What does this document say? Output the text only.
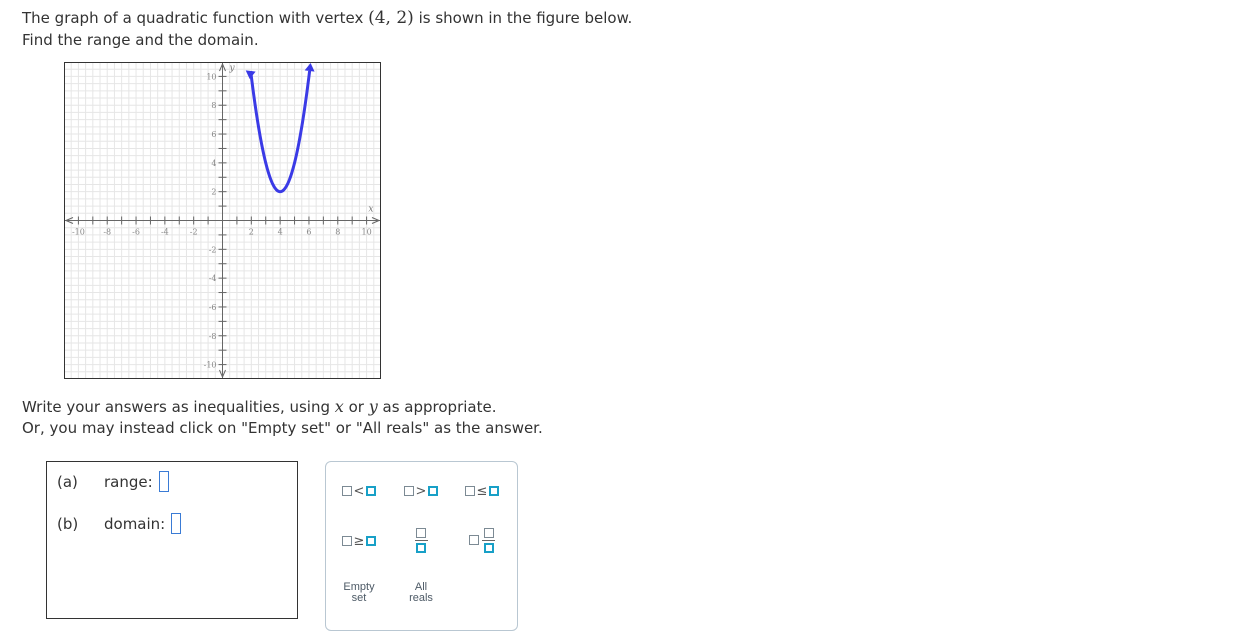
The graph of a quadratic function with vertex (4, 2) is shown in the figure below.

Find the range and the domain.

-10 -8	-6	-4	-2	2	4	6	8	10
10
8
6
4
2
-2
-4
-6
-8
-10
x
y

Write your answers as inequalities, using x or y as appropriate.

Or, you may instead click on "Empty set" or "All reals" as the answer.

(a)	range:
(b)	domain:
<	>	≤
≥
Empty
set
All
reals
